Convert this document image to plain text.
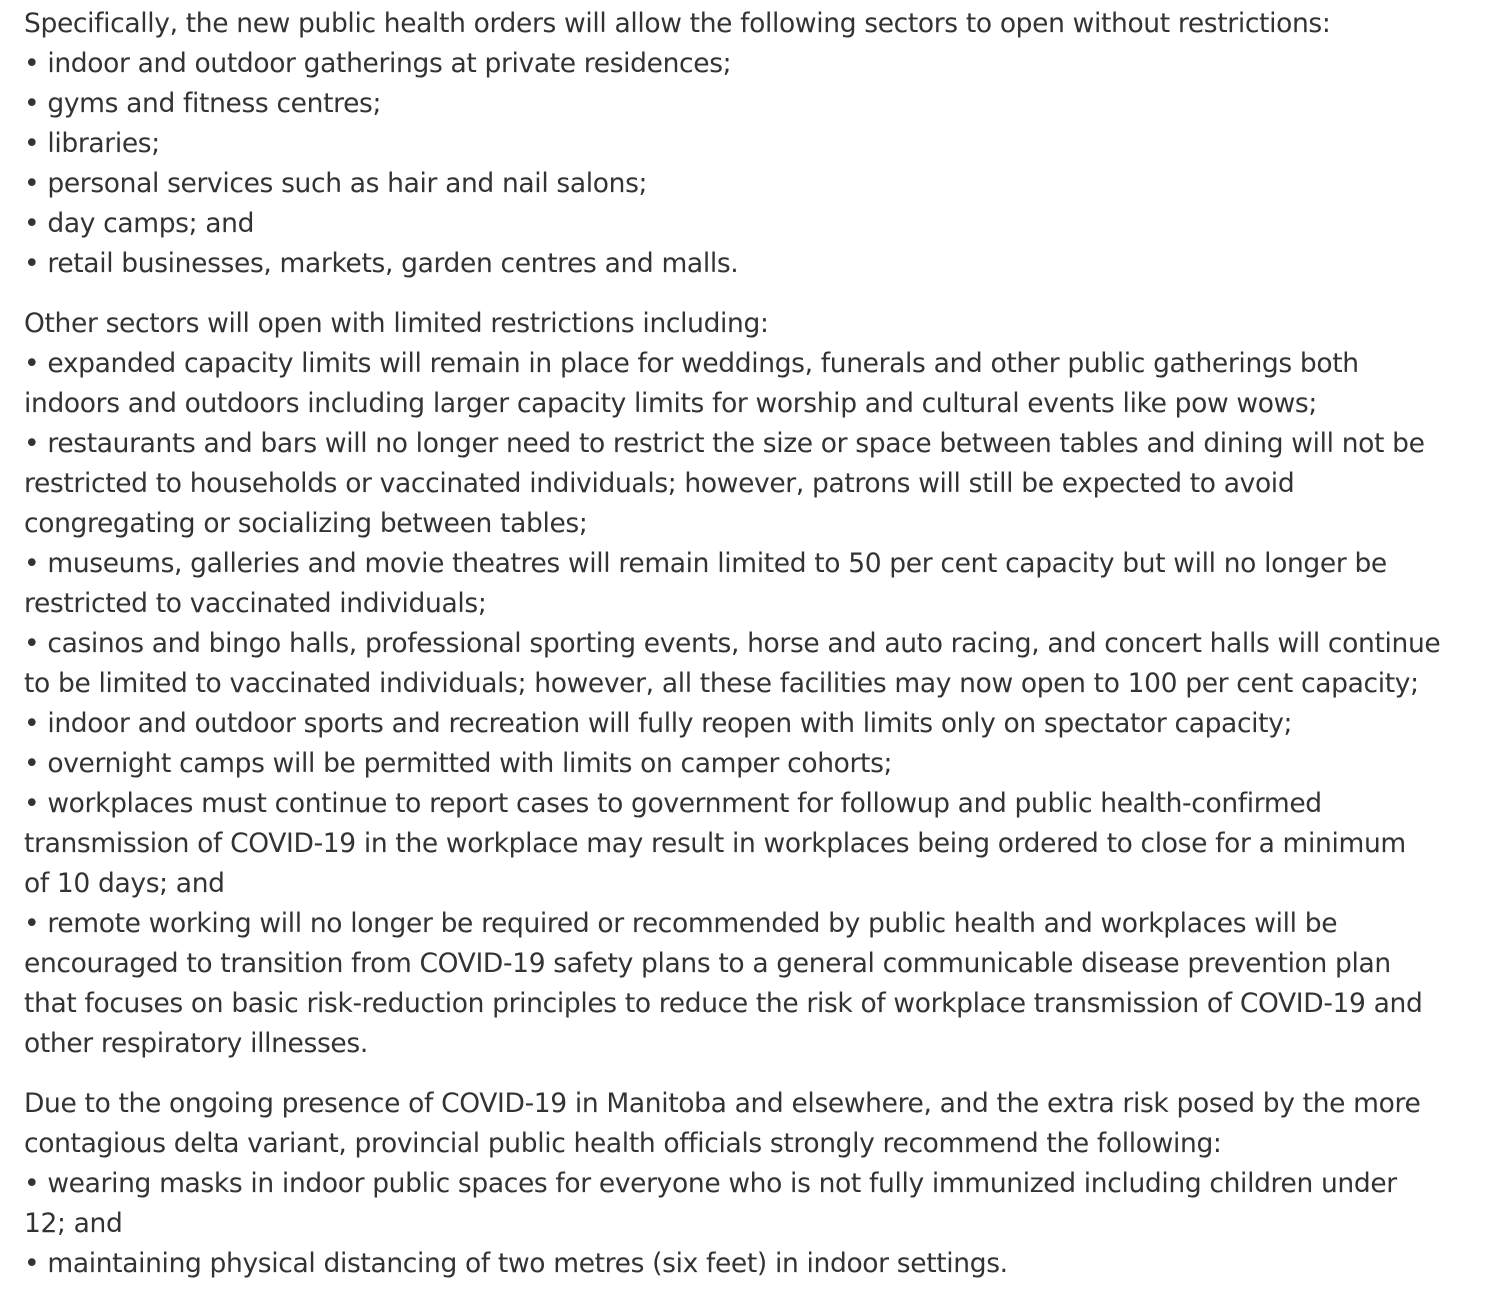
Specifically, the new public health orders will allow the following sectors to open without restrictions:
• indoor and outdoor gatherings at private residences;
• gyms and fitness centres;
• libraries;
• personal services such as hair and nail salons;
• day camps; and
• retail businesses, markets, garden centres and malls.

Other sectors will open with limited restrictions including:
• expanded capacity limits will remain in place for weddings, funerals and other public gatherings both
indoors and outdoors including larger capacity limits for worship and cultural events like pow wows;
• restaurants and bars will no longer need to restrict the size or space between tables and dining will not be
restricted to households or vaccinated individuals; however, patrons will still be expected to avoid
congregating or socializing between tables;
• museums, galleries and movie theatres will remain limited to 50 per cent capacity but will no longer be
restricted to vaccinated individuals;
• casinos and bingo halls, professional sporting events, horse and auto racing, and concert halls will continue
to be limited to vaccinated individuals; however, all these facilities may now open to 100 per cent capacity;
• indoor and outdoor sports and recreation will fully reopen with limits only on spectator capacity;
• overnight camps will be permitted with limits on camper cohorts;
• workplaces must continue to report cases to government for followup and public health-confirmed
transmission of COVID-19 in the workplace may result in workplaces being ordered to close for a minimum
of 10 days; and
• remote working will no longer be required or recommended by public health and workplaces will be
encouraged to transition from COVID-19 safety plans to a general communicable disease prevention plan
that focuses on basic risk-reduction principles to reduce the risk of workplace transmission of COVID-19 and
other respiratory illnesses.

Due to the ongoing presence of COVID-19 in Manitoba and elsewhere, and the extra risk posed by the more
contagious delta variant, provincial public health officials strongly recommend the following:
• wearing masks in indoor public spaces for everyone who is not fully immunized including children under
12; and
• maintaining physical distancing of two metres (six feet) in indoor settings.
